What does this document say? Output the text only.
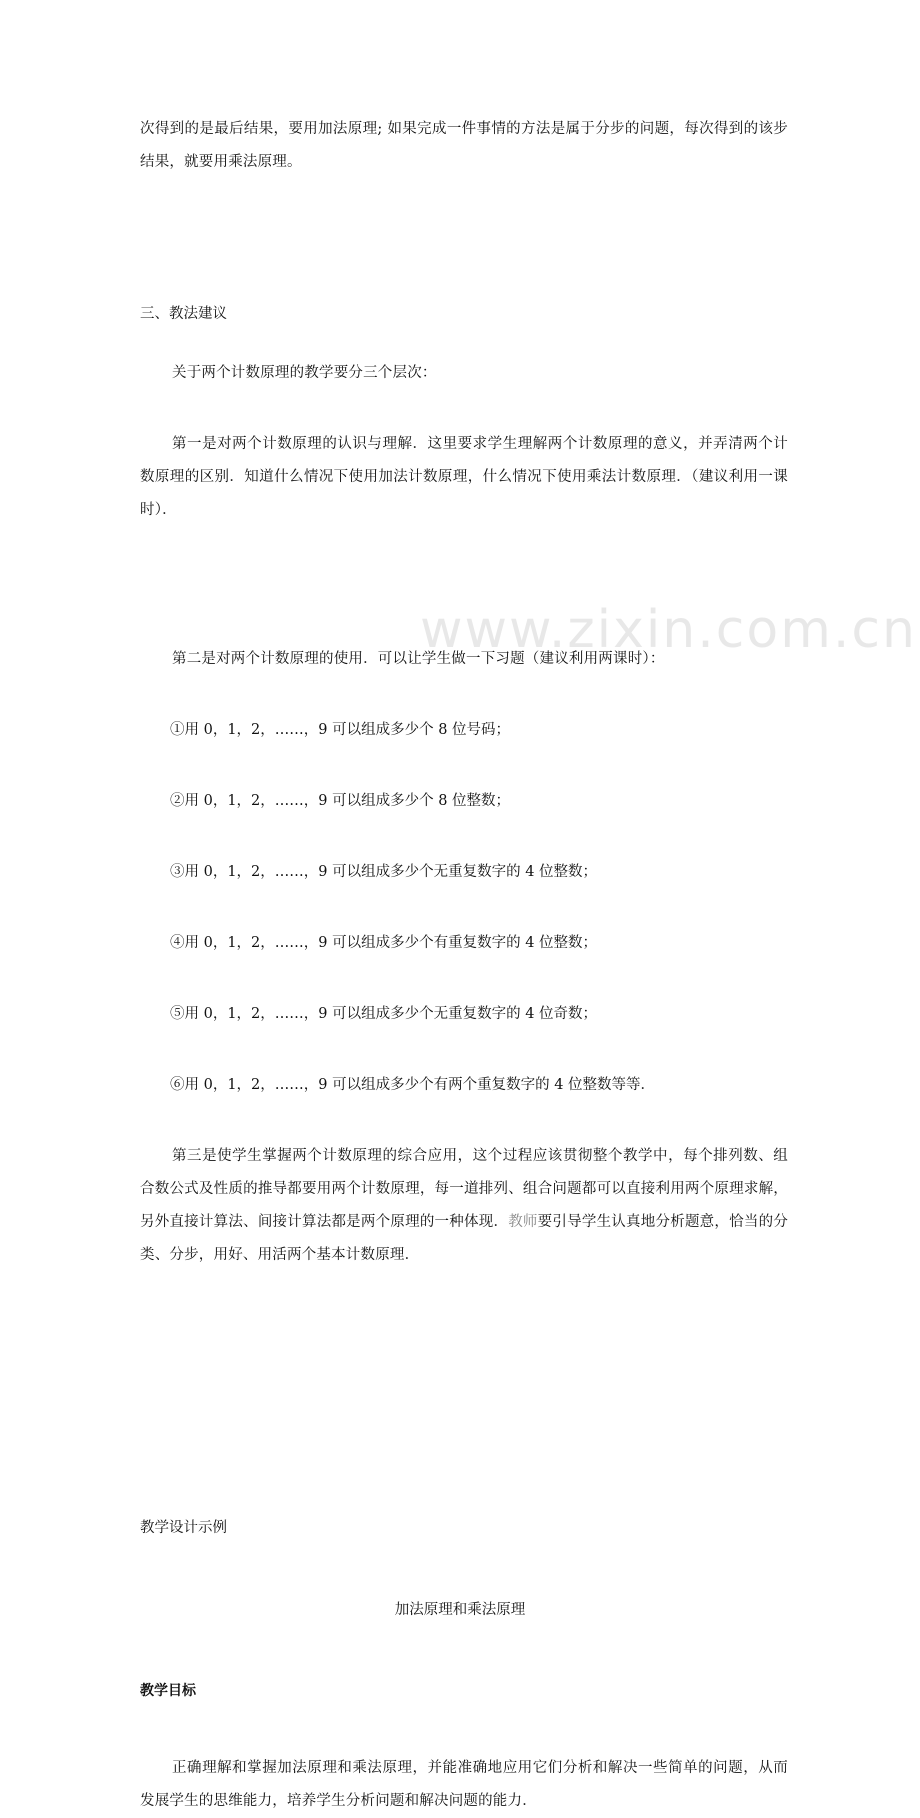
www.zixin.com.cn

次得到的是最后结果，要用加法原理; 如果完成一件事情的方法是属于分步的问题，每次得到的该步结果，就要用乘法原理。

三、教法建议

关于两个计数原理的教学要分三个层次：

第一是对两个计数原理的认识与理解．这里要求学生理解两个计数原理的意义，并弄清两个计数原理的区别．知道什么情况下使用加法计数原理，什么情况下使用乘法计数原理．（建议利用一课时）．

第二是对两个计数原理的使用．可以让学生做一下习题（建议利用两课时）：

①用 0，1，2，……，9 可以组成多少个 8 位号码；

②用 0，1，2，……，9 可以组成多少个 8 位整数；

③用 0，1，2，……，9 可以组成多少个无重复数字的 4 位整数；

④用 0，1，2，……，9 可以组成多少个有重复数字的 4 位整数；

⑤用 0，1，2，……，9 可以组成多少个无重复数字的 4 位奇数；

⑥用 0，1，2，……，9 可以组成多少个有两个重复数字的 4 位整数等等．

第三是使学生掌握两个计数原理的综合应用，这个过程应该贯彻整个教学中，每个排列数、组合数公式及性质的推导都要用两个计数原理，每一道排列、组合问题都可以直接利用两个原理求解，另外直接计算法、间接计算法都是两个原理的一种体现．教师要引导学生认真地分析题意，恰当的分类、分步，用好、用活两个基本计数原理．

教学设计示例

加法原理和乘法原理

教学目标

正确理解和掌握加法原理和乘法原理，并能准确地应用它们分析和解决一些简单的问题，从而发展学生的思维能力，培养学生分析问题和解决问题的能力．
